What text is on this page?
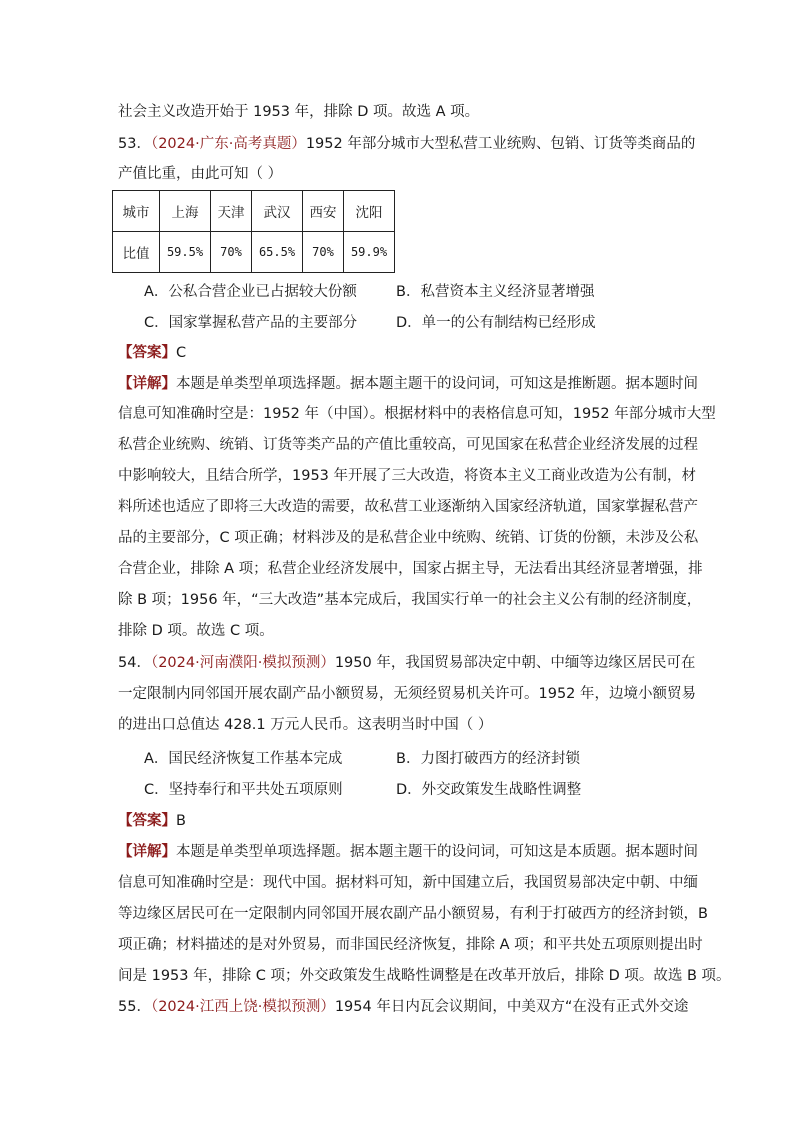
社会主义改造开始于 1953 年，排除 D 项。故选 A 项。
53．（2024·广东·高考真题）1952 年部分城市大型私营工业统购、包销、订货等类商品的
产值比重，由此可知（ ）
城市	上海	天津	武汉	西安	沈阳
比值	59.5%	70%	65.5%	70%	59.9%
A．公私合营企业已占据较大份额	B．私营资本主义经济显著增强
C．国家掌握私营产品的主要部分	D．单一的公有制结构已经形成
【答案】C
【详解】本题是单类型单项选择题。据本题主题干的设问词，可知这是推断题。据本题时间
信息可知准确时空是：1952 年（中国）。根据材料中的表格信息可知，1952 年部分城市大型
私营企业统购、统销、订货等类产品的产值比重较高，可见国家在私营企业经济发展的过程
中影响较大，且结合所学，1953 年开展了三大改造，将资本主义工商业改造为公有制，材
料所述也适应了即将三大改造的需要，故私营工业逐渐纳入国家经济轨道，国家掌握私营产
品的主要部分，C 项正确；材料涉及的是私营企业中统购、统销、订货的份额，未涉及公私
合营企业，排除 A 项；私营企业经济发展中，国家占据主导，无法看出其经济显著增强，排
除 B 项；1956 年，“三大改造”基本完成后，我国实行单一的社会主义公有制的经济制度，
排除 D 项。故选 C 项。
54．（2024·河南濮阳·模拟预测）1950 年，我国贸易部决定中朝、中缅等边缘区居民可在
一定限制内同邻国开展农副产品小额贸易，无须经贸易机关许可。1952 年，边境小额贸易
的进出口总值达 428.1 万元人民币。这表明当时中国（ ）
A．国民经济恢复工作基本完成	B．力图打破西方的经济封锁
C．坚持奉行和平共处五项原则	D．外交政策发生战略性调整
【答案】B
【详解】本题是单类型单项选择题。据本题主题干的设问词，可知这是本质题。据本题时间
信息可知准确时空是：现代中国。据材料可知，新中国建立后，我国贸易部决定中朝、中缅
等边缘区居民可在一定限制内同邻国开展农副产品小额贸易，有利于打破西方的经济封锁，B
项正确；材料描述的是对外贸易，而非国民经济恢复，排除 A 项；和平共处五项原则提出时
间是 1953 年，排除 C 项；外交政策发生战略性调整是在改革开放后，排除 D 项。故选 B 项。
55．（2024·江西上饶·模拟预测）1954 年日内瓦会议期间，中美双方“在没有正式外交途
